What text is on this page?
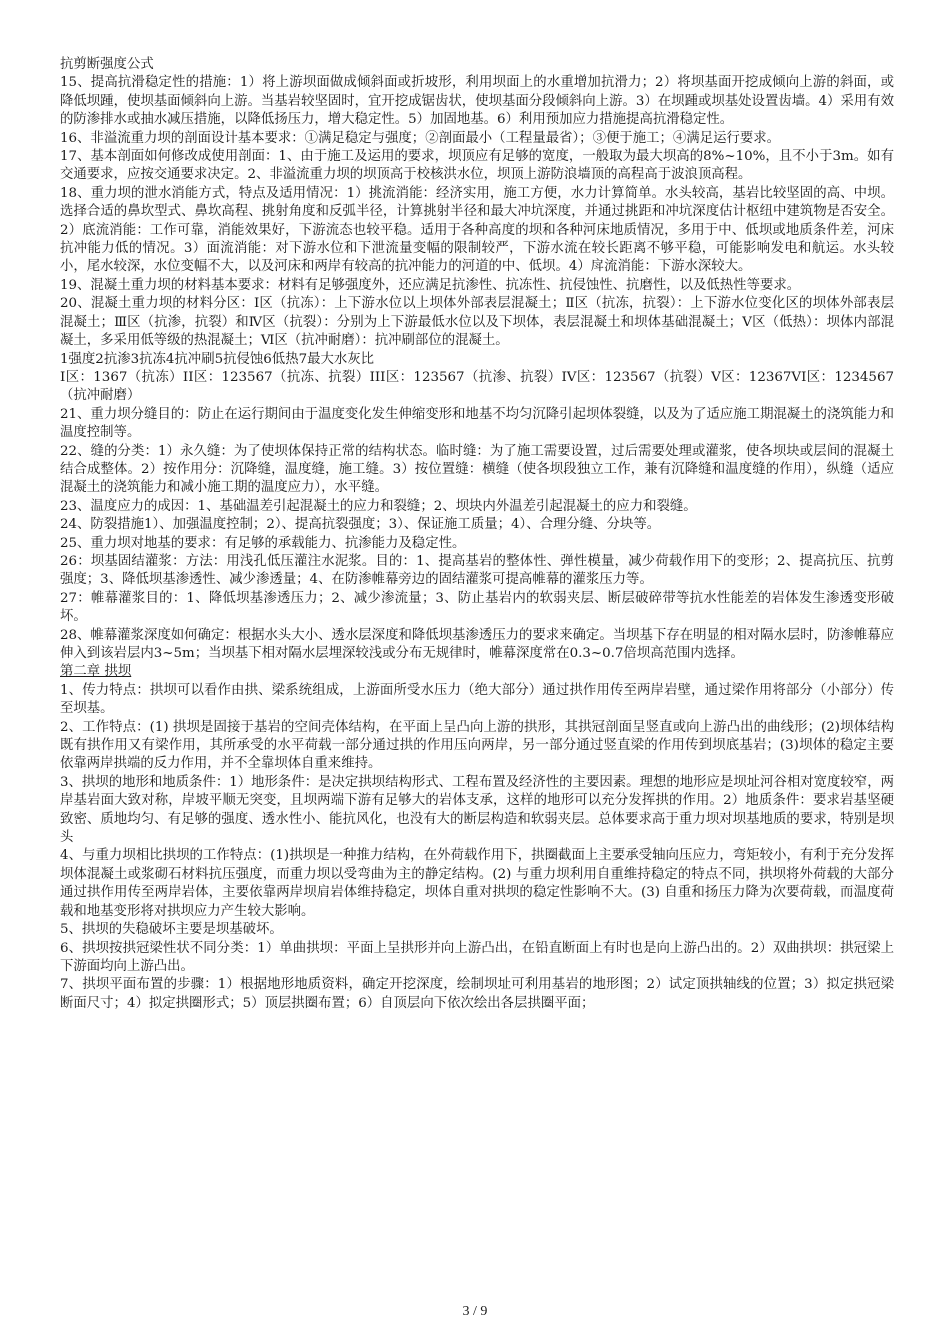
抗剪断强度公式

15、提高抗滑稳定性的措施：1）将上游坝面做成倾斜面或折坡形，利用坝面上的水重增加抗滑力；2）将坝基面开挖成倾向上游的斜面，或降低坝踵，使坝基面倾斜向上游。当基岩较坚固时，宜开挖成锯齿状，使坝基面分段倾斜向上游。3）在坝踵或坝基处设置齿墙。4）采用有效的防渗排水或抽水减压措施，以降低扬压力，增大稳定性。5）加固地基。6）利用预加应力措施提高抗滑稳定性。

16、非溢流重力坝的剖面设计基本要求：①满足稳定与强度；②剖面最小（工程量最省）；③便于施工；④满足运行要求。

17、基本剖面如何修改成使用剖面：1、由于施工及运用的要求，坝顶应有足够的宽度，一般取为最大坝高的8%~10%，且不小于3m。如有交通要求，应按交通要求决定。2、非溢流重力坝的坝顶高于校核洪水位，坝顶上游防浪墙顶的高程高于波浪顶高程。

18、重力坝的泄水消能方式，特点及适用情况：1）挑流消能：经济实用，施工方便，水力计算简单。水头较高，基岩比较坚固的高、中坝。选择合适的鼻坎型式、鼻坎高程、挑射角度和反弧半径，计算挑射半径和最大冲坑深度，并通过挑距和冲坑深度估计枢纽中建筑物是否安全。2）底流消能：工作可靠，消能效果好，下游流态也较平稳。适用于各种高度的坝和各种河床地质情况，多用于中、低坝或地质条件差，河床抗冲能力低的情况。3）面流消能：对下游水位和下泄流量变幅的限制较严，下游水流在较长距离不够平稳，可能影响发电和航运。水头较小，尾水较深，水位变幅不大，以及河床和两岸有较高的抗冲能力的河道的中、低坝。4）戽流消能：下游水深较大。

19、混凝土重力坝的材料基本要求：材料有足够强度外，还应满足抗渗性、抗冻性、抗侵蚀性、抗磨性，以及低热性等要求。

20、混凝土重力坝的材料分区：Ⅰ区（抗冻）：上下游水位以上坝体外部表层混凝土；Ⅱ区（抗冻，抗裂）：上下游水位变化区的坝体外部表层混凝土；Ⅲ区（抗渗，抗裂）和Ⅳ区（抗裂）：分别为上下游最低水位以及下坝体，表层混凝土和坝体基础混凝土；Ⅴ区（低热）：坝体内部混凝土，多采用低等级的热混凝土；Ⅵ区（抗冲耐磨）：抗冲刷部位的混凝土。

1强度2抗渗3抗冻4抗冲刷5抗侵蚀6低热7最大水灰比

I区：1367（抗冻）II区：123567（抗冻、抗裂）III区：123567（抗渗、抗裂）IV区：123567（抗裂）V区：12367VI区：1234567（抗冲耐磨）

21、重力坝分缝目的：防止在运行期间由于温度变化发生伸缩变形和地基不均匀沉降引起坝体裂缝，以及为了适应施工期混凝土的浇筑能力和温度控制等。

22、缝的分类：1）永久缝：为了使坝体保持正常的结构状态。临时缝：为了施工需要设置，过后需要处理或灌浆，使各坝块或层间的混凝土结合成整体。2）按作用分：沉降缝，温度缝，施工缝。3）按位置缝：横缝（使各坝段独立工作，兼有沉降缝和温度缝的作用），纵缝（适应混凝土的浇筑能力和减小施工期的温度应力），水平缝。

23、温度应力的成因：1、基础温差引起混凝土的应力和裂缝；2、坝块内外温差引起混凝土的应力和裂缝。

24、防裂措施1）、加强温度控制；2）、提高抗裂强度；3）、保证施工质量；4）、合理分缝、分块等。

25、重力坝对地基的要求：有足够的承载能力、抗渗能力及稳定性。

26：坝基固结灌浆：方法：用浅孔低压灌注水泥浆。目的：1、提高基岩的整体性、弹性模量，减少荷载作用下的变形；2、提高抗压、抗剪强度；3、降低坝基渗透性、减少渗透量；4、在防渗帷幕旁边的固结灌浆可提高帷幕的灌浆压力等。

27：帷幕灌浆目的：1、降低坝基渗透压力；2、减少渗流量；3、防止基岩内的软弱夹层、断层破碎带等抗水性能差的岩体发生渗透变形破坏。

28、帷幕灌浆深度如何确定：根据水头大小、透水层深度和降低坝基渗透压力的要求来确定。当坝基下存在明显的相对隔水层时，防渗帷幕应伸入到该岩层内3~5m；当坝基下相对隔水层埋深较浅或分布无规律时，帷幕深度常在0.3~0.7倍坝高范围内选择。

第二章 拱坝

1、传力特点：拱坝可以看作由拱、梁系统组成，上游面所受水压力（绝大部分）通过拱作用传至两岸岩壁，通过梁作用将部分（小部分）传至坝基。

2、工作特点：(1) 拱坝是固接于基岩的空间壳体结构，在平面上呈凸向上游的拱形，其拱冠剖面呈竖直或向上游凸出的曲线形；(2)坝体结构既有拱作用又有梁作用，其所承受的水平荷载一部分通过拱的作用压向两岸，另一部分通过竖直梁的作用传到坝底基岩；(3)坝体的稳定主要依靠两岸拱端的反力作用，并不全靠坝体自重来维持。

3、拱坝的地形和地质条件：1）地形条件：是决定拱坝结构形式、工程布置及经济性的主要因素。理想的地形应是坝址河谷相对宽度较窄，两岸基岩面大致对称，岸坡平顺无突变，且坝两端下游有足够大的岩体支承，这样的地形可以充分发挥拱的作用。2）地质条件：要求岩基坚硬致密、质地均匀、有足够的强度、透水性小、能抗风化，也没有大的断层构造和软弱夹层。总体要求高于重力坝对坝基地质的要求，特别是坝头

4、与重力坝相比拱坝的工作特点：(1)拱坝是一种推力结构，在外荷载作用下，拱圈截面上主要承受轴向压应力，弯矩较小，有利于充分发挥坝体混凝土或浆砌石材料抗压强度，而重力坝以受弯曲为主的静定结构。(2) 与重力坝利用自重维持稳定的特点不同，拱坝将外荷载的大部分通过拱作用传至两岸岩体，主要依靠两岸坝肩岩体维持稳定，坝体自重对拱坝的稳定性影响不大。(3) 自重和扬压力降为次要荷载，而温度荷载和地基变形将对拱坝应力产生较大影响。

5、拱坝的失稳破坏主要是坝基破坏。

6、拱坝按拱冠梁性状不同分类：1）单曲拱坝：平面上呈拱形并向上游凸出，在铅直断面上有时也是向上游凸出的。2）双曲拱坝：拱冠梁上下游面均向上游凸出。

7、拱坝平面布置的步骤：1）根据地形地质资料，确定开挖深度，绘制坝址可利用基岩的地形图；2）试定顶拱轴线的位置；3）拟定拱冠梁断面尺寸；4）拟定拱圈形式；5）顶层拱圈布置；6）自顶层向下依次绘出各层拱圈平面；

3 / 9
